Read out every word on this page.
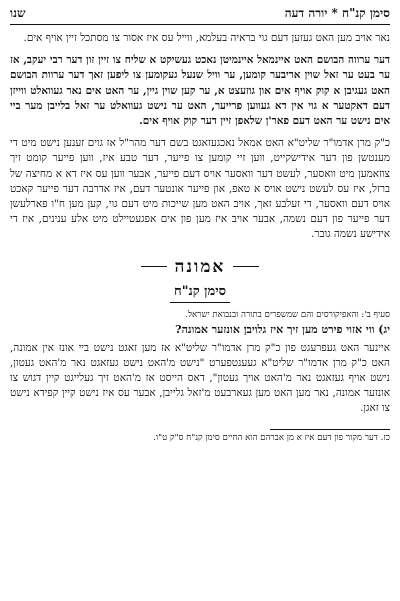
סימן קנ"ח * יורה דעה
שנו

נאר אויב מען האט געזען דעם גוי בראיה בעלמא, ווייל עס איז אסור צו מסתכל זיין אויף אים.

דער ערווה הבושם האט איינמאל איינמיטן נאכט געשיקט א שליח צו זיין זון דער רבי יעקב, אז ער בעט ער זאל שוין אריבער קומען, ער וויל שנעל געקומען צו ליפען זאך דער ערוות הבושם האט געגיבן א קוק אויף אים און גוזעצט א, ער קען שוין גיין, ער האט אים נאר געוואלט ווייזן דעם דאקטער א גוי אין דא געווען פרייער, האט ער נישט געוואלט ער זאל בלייבן מער ביי אים נישט ער האט דעם פאר'ן שלאפן זיין דער קוק אויף אים.

כ"ק מרן אדמו"ר שליט"א האט אמאל נאכגעזאגט בשם דער מהר"ל אז גוים זענען נישט מיט די מענטשן פון דער אידישקייט, ווען זיי קומען צו פייער, דער טבע איז, ווען פייער קומט זיך צוזאמען מיט וואסער, לעשט דער וואסער אויס דעם פייער, אבער ווען עס איז דא א מחיצה של ברזל, איז עס לעשט נישט אויס א טאפ, און פייער אונטער דעם, איז אדרבה דער פייער קאכט אויס דעם וואסער, די זעלבע זאך, אויב האט מען שייכות מיט דעם גוי, קען מען ח"ו פארלעשן דער פייער פון דעם נשמה, אבער אויב איז מען פון אים אפגעטיילט מיט אלע ענינים, איז די אידישע נשמה גובר.

אמונה
סימן קנ"ח
סעיף ב': והאפיקורסים והם שמשפרים בתורה ובנבואת ישראל.
יג) ווי אזוי פירט מען זיך איז גלויבן אונזער אמונה?

איינער האט געפרעגט פון כ"ק מרן אדמו"ר שליט"א אז מען זאגט נישט ביי אונז אין אמונה, האט כ"ק מרן אדמו"ר שליט"א געענטפערט "נישט מ'האט נישט געזאגט נאר מ'האט געטון, נישט אויף געזאגט נאר מ'האט אויך געטון", דאס הייסט אז מ'האט זיך געלייגט קיין דגוש צו אונזער אמונה, נאר מען האט מען געארבעט מ'זאל גלייבן, אבער עס איז נישט קיין קפידא נישט צו זאגן.

כז. דער מקור פון דעם איז א מן אברהם הוא החיים סימן קנ"ח ס"ק ט"ו.
